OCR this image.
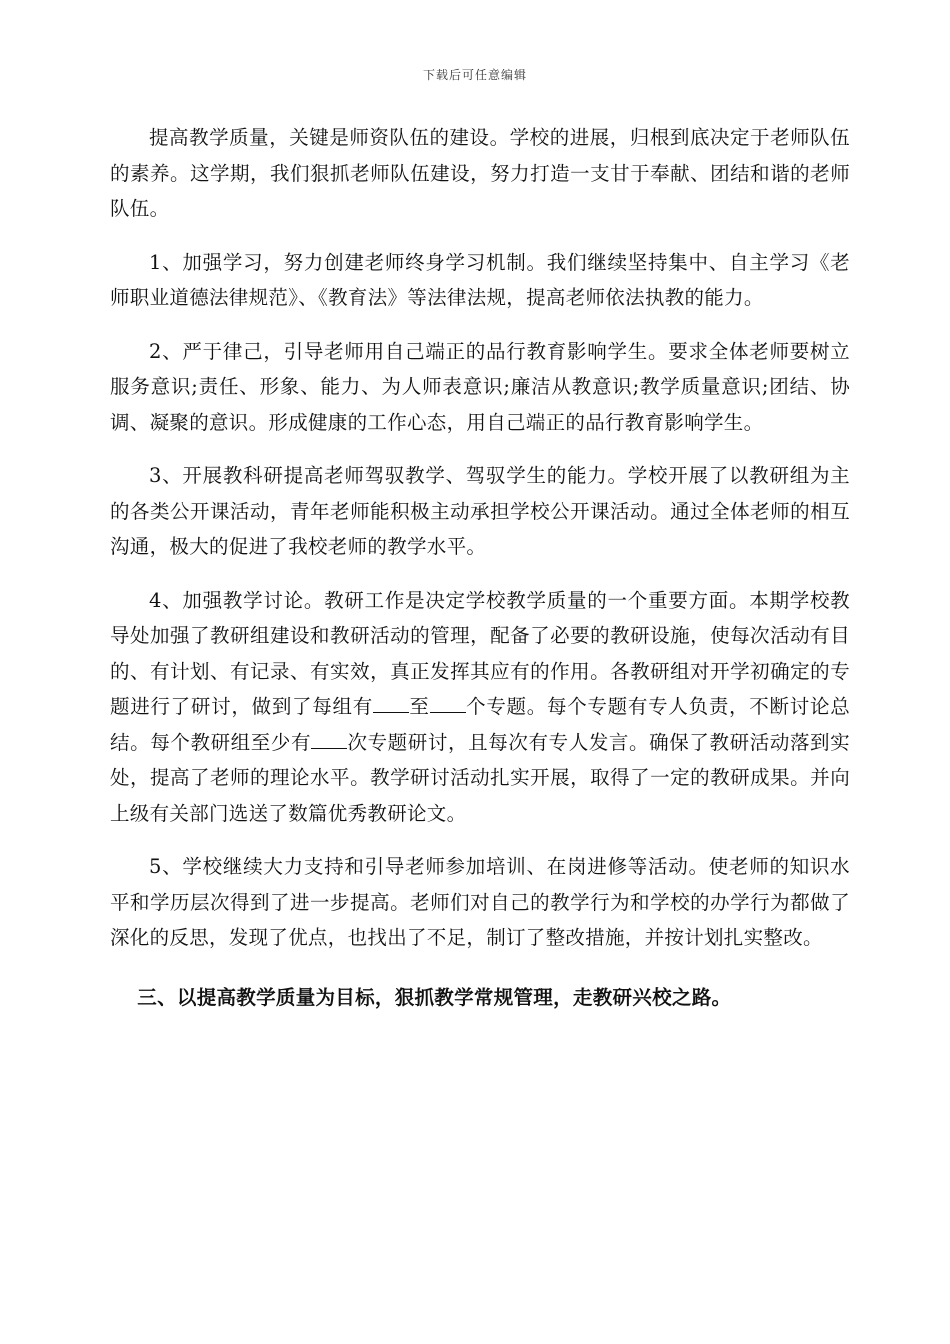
下载后可任意编辑

提高教学质量，关键是师资队伍的建设。学校的进展，归根到底决定于老师队伍的素养。这学期，我们狠抓老师队伍建设，努力打造一支甘于奉献、团结和谐的老师队伍。

1、加强学习，努力创建老师终身学习机制。我们继续坚持集中、自主学习《老师职业道德法律规范》、《教育法》等法律法规，提高老师依法执教的能力。

2、严于律己，引导老师用自己端正的品行教育影响学生。要求全体老师要树立服务意识;责任、形象、能力、为人师表意识;廉洁从教意识;教学质量意识;团结、协调、凝聚的意识。形成健康的工作心态，用自己端正的品行教育影响学生。

3、开展教科研提高老师驾驭教学、驾驭学生的能力。学校开展了以教研组为主的各类公开课活动，青年老师能积极主动承担学校公开课活动。通过全体老师的相互沟通，极大的促进了我校老师的教学水平。

4、加强教学讨论。教研工作是决定学校教学质量的一个重要方面。本期学校教导处加强了教研组建设和教研活动的管理，配备了必要的教研设施，使每次活动有目的、有计划、有记录、有实效，真正发挥其应有的作用。各教研组对开学初确定的专题进行了研讨，做到了每组有 至 个专题。每个专题有专人负责，不断讨论总结。每个教研组至少有 次专题研讨，且每次有专人发言。确保了教研活动落到实处，提高了老师的理论水平。教学研讨活动扎实开展，取得了一定的教研成果。并向上级有关部门选送了数篇优秀教研论文。

5、学校继续大力支持和引导老师参加培训、在岗进修等活动。使老师的知识水平和学历层次得到了进一步提高。老师们对自己的教学行为和学校的办学行为都做了深化的反思，发现了优点，也找出了不足，制订了整改措施，并按计划扎实整改。

三、以提高教学质量为目标，狠抓教学常规管理，走教研兴校之路。
